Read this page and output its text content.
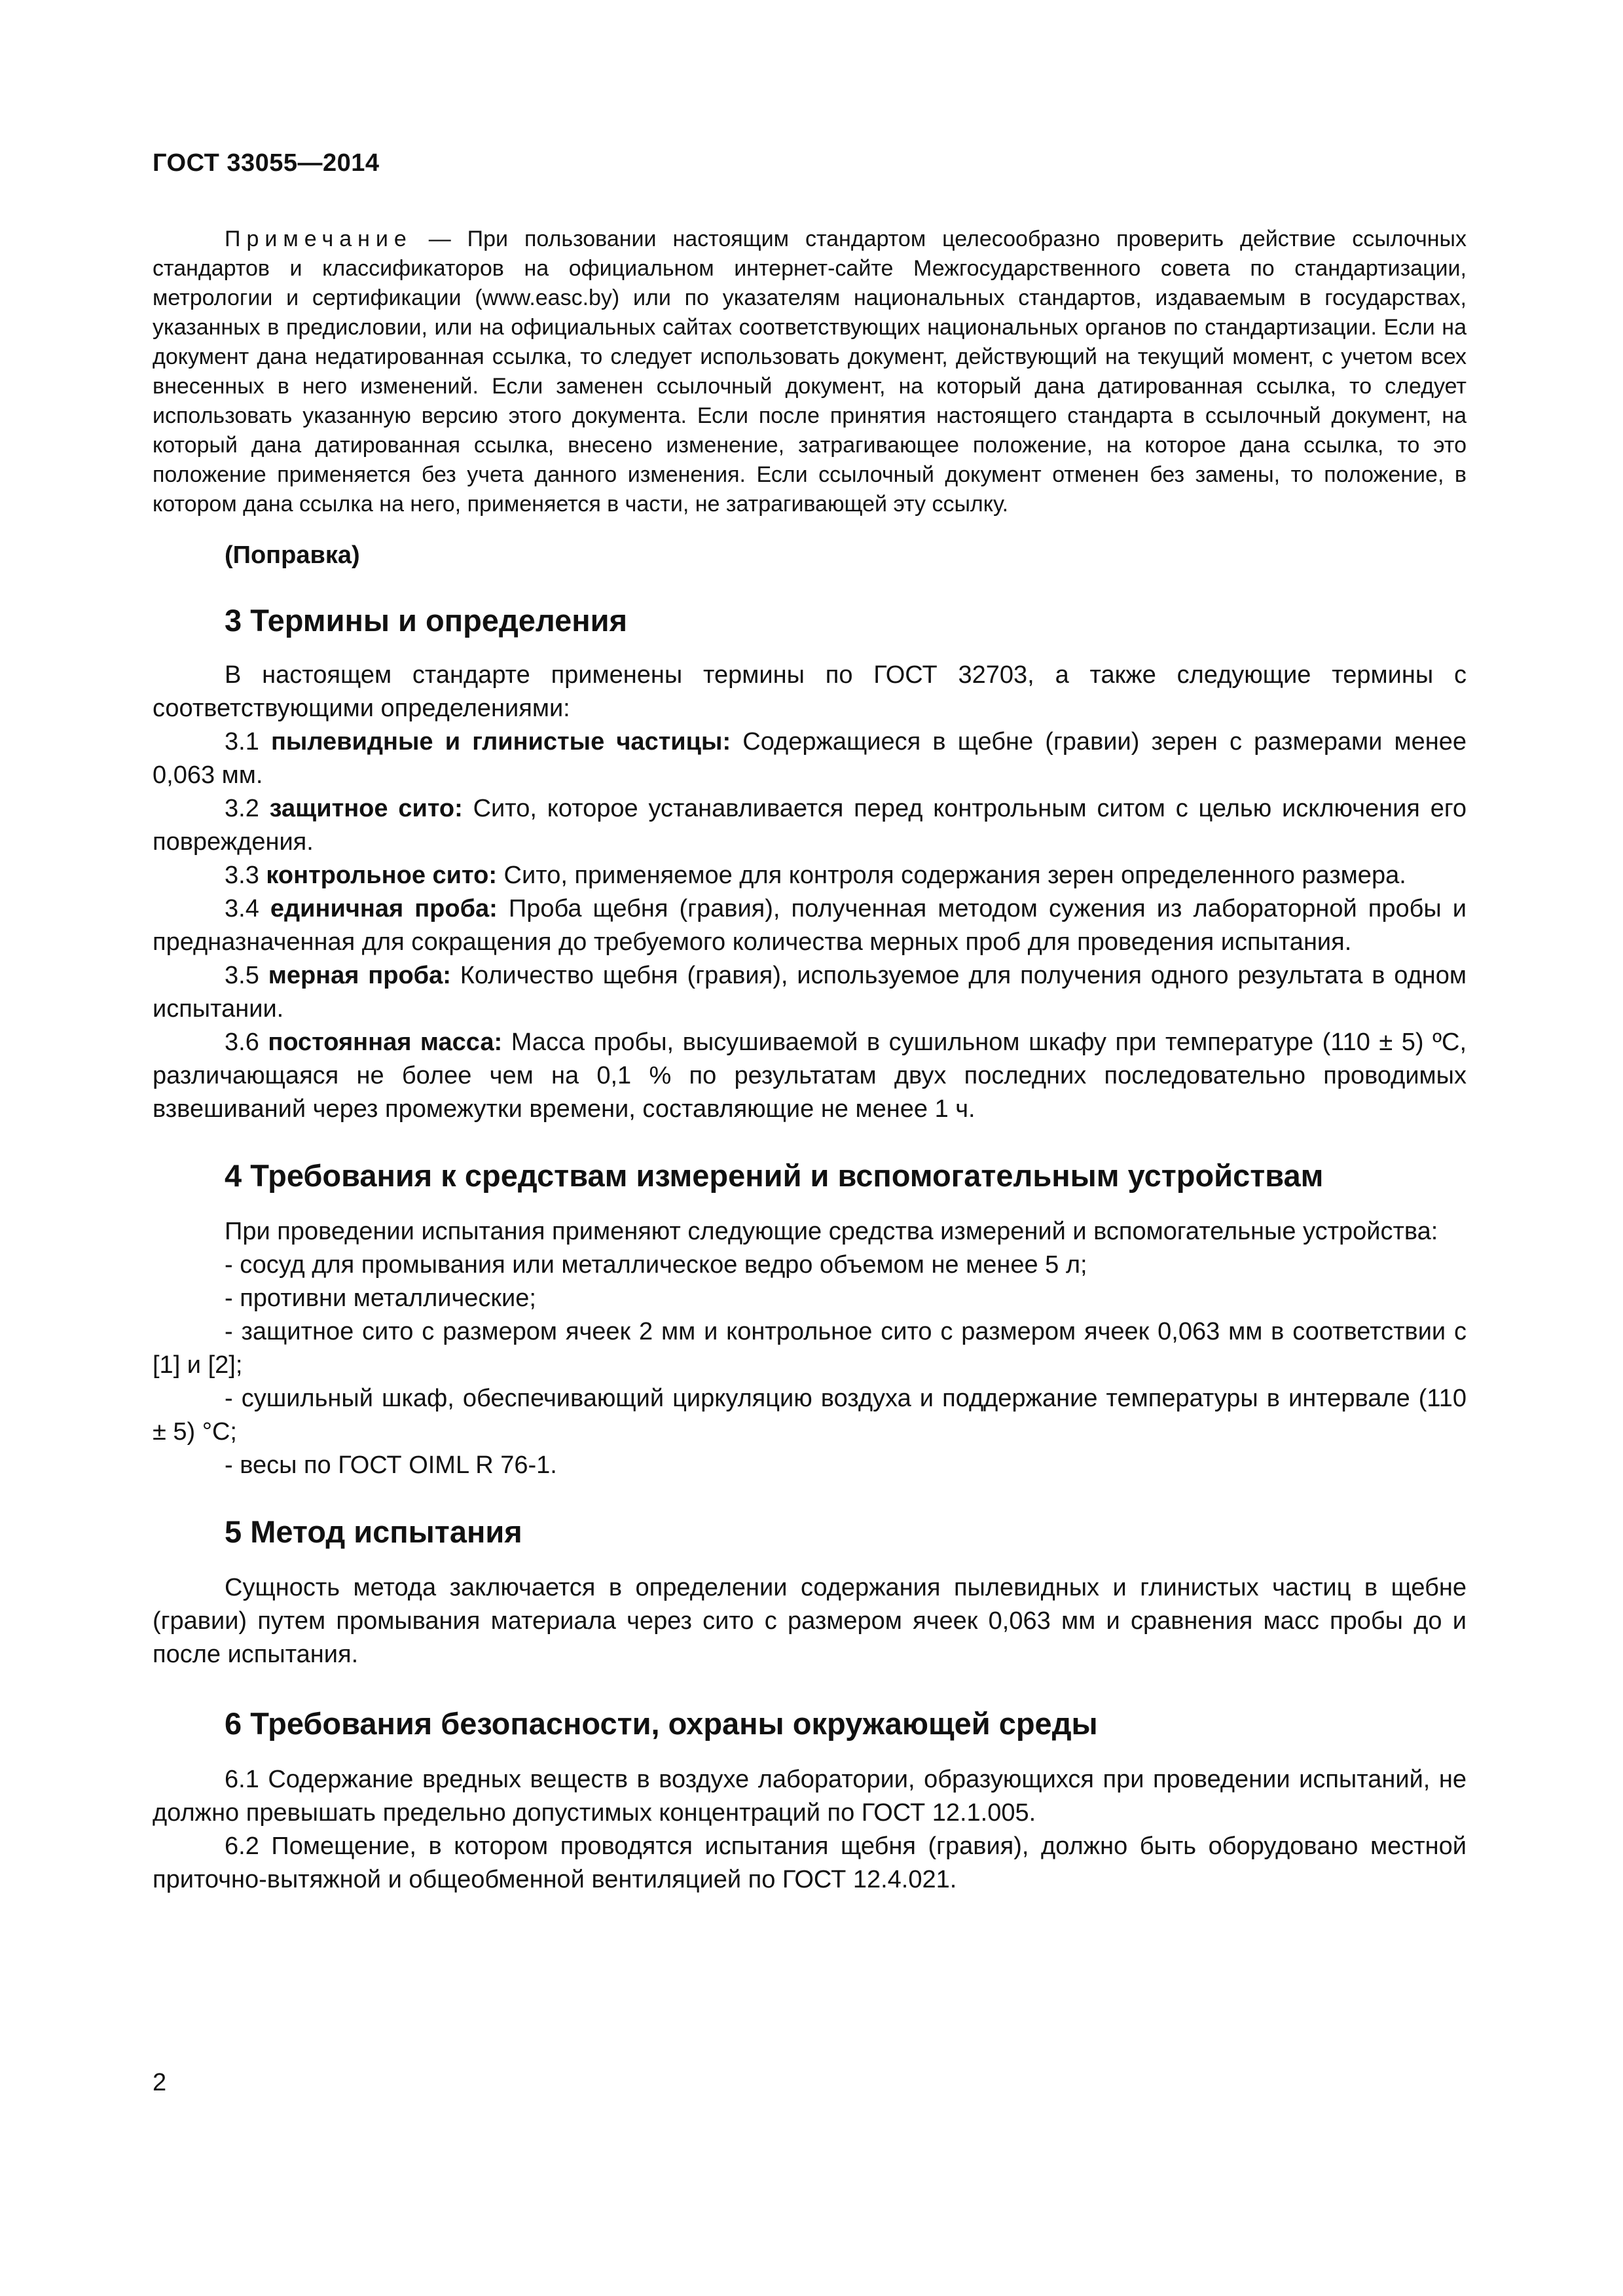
ГОСТ 33055—2014

Примечание — При пользовании настоящим стандартом целесообразно проверить действие ссылочных стандартов и классификаторов на официальном интернет-сайте Межгосударственного совета по стандартизации, метрологии и сертификации (www.easc.by) или по указателям национальных стандартов, издаваемым в государствах, указанных в предисловии, или на официальных сайтах соответствующих национальных органов по стандартизации. Если на документ дана недатированная ссылка, то следует использовать документ, действующий на текущий момент, с учетом всех внесенных в него изменений. Если заменен ссылочный документ, на который дана датированная ссылка, то следует использовать указанную версию этого документа. Если после принятия настоящего стандарта в ссылочный документ, на который дана датированная ссылка, внесено изменение, затрагивающее положение, на которое дана ссылка, то это положение применяется без учета данного изменения. Если ссылочный документ отменен без замены, то положение, в котором дана ссылка на него, применяется в части, не затрагивающей эту ссылку.

(Поправка)

3 Термины и определения

В настоящем стандарте применены термины по ГОСТ 32703, а также следующие термины с соответствующими определениями:

3.1 пылевидные и глинистые частицы: Содержащиеся в щебне (гравии) зерен с размерами менее 0,063 мм.

3.2 защитное сито: Сито, которое устанавливается перед контрольным ситом с целью исключения его повреждения.

3.3 контрольное сито: Сито, применяемое для контроля содержания зерен определенного размера.

3.4 единичная проба: Проба щебня (гравия), полученная методом сужения из лабораторной пробы и предназначенная для сокращения до требуемого количества мерных проб для проведения испытания.

3.5 мерная проба: Количество щебня (гравия), используемое для получения одного результата в одном испытании.

3.6 постоянная масса: Масса пробы, высушиваемой в сушильном шкафу при температуре (110 ± 5) ºС, различающаяся не более чем на 0,1 % по результатам двух последних последовательно проводимых взвешиваний через промежутки времени, составляющие не менее 1 ч.

4 Требования к средствам измерений и вспомогательным устройствам

При проведении испытания применяют следующие средства измерений и вспомогательные устройства:

- сосуд для промывания или металлическое ведро объемом не менее 5 л;

- противни металлические;

- защитное сито с размером ячеек 2 мм и контрольное сито с размером ячеек 0,063 мм в соответствии с [1] и [2];

- сушильный шкаф, обеспечивающий циркуляцию воздуха и поддержание температуры в интервале (110 ± 5) °С;

- весы по ГОСТ OIML R 76-1.

5 Метод испытания

Сущность метода заключается в определении содержания пылевидных и глинистых частиц в щебне (гравии) путем промывания материала через сито с размером ячеек 0,063 мм и сравнения масс пробы до и после испытания.

6 Требования безопасности, охраны окружающей среды

6.1 Содержание вредных веществ в воздухе лаборатории, образующихся при проведении испытаний, не должно превышать предельно допустимых концентраций по ГОСТ 12.1.005.

6.2 Помещение, в котором проводятся испытания щебня (гравия), должно быть оборудовано местной приточно-вытяжной и общеобменной вентиляцией по ГОСТ 12.4.021.

2
